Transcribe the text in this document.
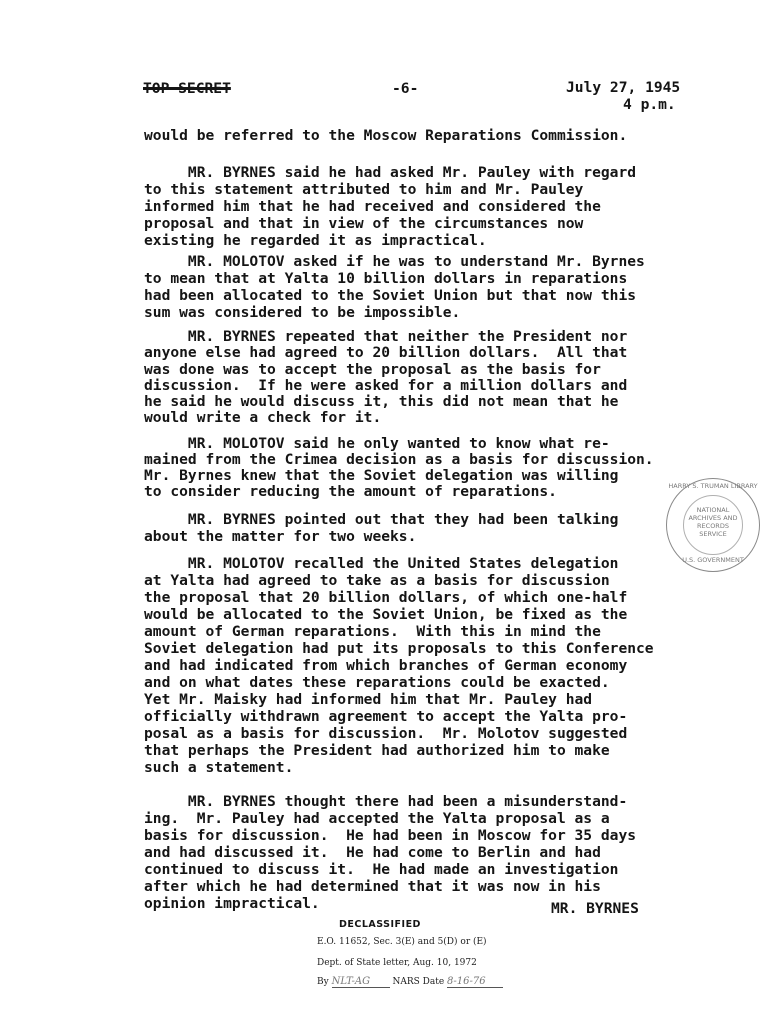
TOP SECRET	-6-	July 27, 1945
4 p.m.
would be referred to the Moscow Reparations Commission.
MR. BYRNES said he had asked Mr. Pauley with regard
to this statement attributed to him and Mr. Pauley
informed him that he had received and considered the
proposal and that in view of the circumstances now
existing he regarded it as impractical.
MR. MOLOTOV asked if he was to understand Mr. Byrnes
to mean that at Yalta 10 billion dollars in reparations
had been allocated to the Soviet Union but that now this
sum was considered to be impossible.
MR. BYRNES repeated that neither the President nor
anyone else had agreed to 20 billion dollars.  All that
was done was to accept the proposal as the basis for
discussion.  If he were asked for a million dollars and
he said he would discuss it, this did not mean that he
would write a check for it.
MR. MOLOTOV said he only wanted to know what re-
mained from the Crimea decision as a basis for discussion.
Mr. Byrnes knew that the Soviet delegation was willing
to consider reducing the amount of reparations.
MR. BYRNES pointed out that they had been talking
about the matter for two weeks.
MR. MOLOTOV recalled the United States delegation
at Yalta had agreed to take as a basis for discussion
the proposal that 20 billion dollars, of which one-half
would be allocated to the Soviet Union, be fixed as the
amount of German reparations.  With this in mind the
Soviet delegation had put its proposals to this Conference
and had indicated from which branches of German economy
and on what dates these reparations could be exacted.
Yet Mr. Maisky had informed him that Mr. Pauley had
officially withdrawn agreement to accept the Yalta pro-
posal as a basis for discussion.  Mr. Molotov suggested
that perhaps the President had authorized him to make
such a statement.
MR. BYRNES thought there had been a misunderstand-
ing.  Mr. Pauley had accepted the Yalta proposal as a
basis for discussion.  He had been in Moscow for 35 days
and had discussed it.  He had come to Berlin and had
continued to discuss it.  He had made an investigation
after which he had determined that it was now in his
opinion impractical.	MR. BYRNES
HARRY S. TRUMAN LIBRARY
NATIONAL
ARCHIVES AND
RECORDS
SERVICE
U.S. GOVERNMENT
DECLASSIFIED
E.O. 11652, Sec. 3(E) and 5(D) or (E)
Dept. of State letter, Aug. 10, 1972
By NLT-AG NARS Date 8-16-76
